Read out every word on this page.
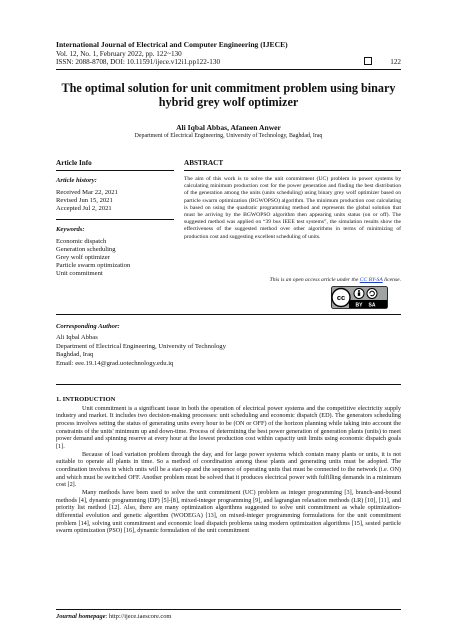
International Journal of Electrical and Computer Engineering (IJECE)
Vol. 12, No. 1, February 2022, pp. 122~130
ISSN: 2088-8708, DOI: 10.11591/ijece.v12i1.pp122-130	122
The optimal solution for unit commitment problem using binary
hybrid grey wolf optimizer
Ali Iqbal Abbas, Afaneen Anwer
Department of Electrical Engineering, University of Technology, Baghdad, Iraq
Article Info
Article history:
Received Mar 22, 2021
Revised Jun 15, 2021
Accepted Jul 2, 2021
Keywords:
Economic dispatch
Generation scheduling
Grey wolf optimizer
Particle swarm optimization
Unit commitment
ABSTRACT
The aim of this work is to solve the unit commitment (UC) problem in power systems by calculating minimum production cost for the power generation and finding the best distribution of the generation among the units (units scheduling) using binary grey wolf optimizer based on particle swarm optimization (BGWOPSO) algorithm. The minimum production cost calculating is based on using the quadratic programming method and represents the global solution that must be arriving by the BGWOPSO algorithm then appearing units status (on or off). The suggested method was applied on “39 bus IEEE test systems”, the simulation results show the effectiveness of the suggested method over other algorithms in terms of minimizing of production cost and suggesting excellent scheduling of units.
This is an open access article under the CC BY-SA license.
cc
BY SA
Corresponding Author:
Ali Iqbal Abbas
Department of Electrical Engineering, University of Technology
Baghdad, Iraq
Email: eee.19.14@grad.uotechnology.edu.iq
1. INTRODUCTION

Unit commitment is a significant issue in both the operation of electrical power systems and the competitive electricity supply industry and market. It includes two decision-making processes: unit scheduling and economic dispatch (ED). The generators scheduling process involves setting the status of generating units every hour to be (ON or OFF) of the horizon planning while taking into account the constraints of the units' minimum up and down-time. Process of determining the best power generation of generation plants (units) to meet power demand and spinning reserve at every hour at the lowest production cost within capacity unit limits using economic dispatch goals [1].

Because of load variation problem through the day, and for large power systems which contain many plants or units, it is not suitable to operate all plants in time. So a method of coordination among these plants and generating units must be adopted. The coordination involves in which units will be a start-up and the sequence of operating units that must be connected to the network (i.e. ON) and which must be switched OFF. Another problem must be solved that it produces electrical power with fulfilling demands in a minimum cost [2].

Many methods have been used to solve the unit commitment (UC) problem as integer programming [3], branch-and-bound methods [4], dynamic programming (DP) [5]-[8], mixed-integer programming [9], and lagrangian relaxation methods (LR) [10], [11], and priority list method [12]. Also, there are many optimization algorithms suggested to solve unit commitment as whale optimization-differential evolution and genetic algorithm (WODEGA) [13], on mixed-integer programming formulations for the unit commitment problem [14], solving unit commitment and economic load dispatch problems using modern optimization algorithms [15], sested particle swarm optimization (PSO) [16], dynamic formulation of the unit commitment

Journal homepage: http://ijece.iaescore.com
